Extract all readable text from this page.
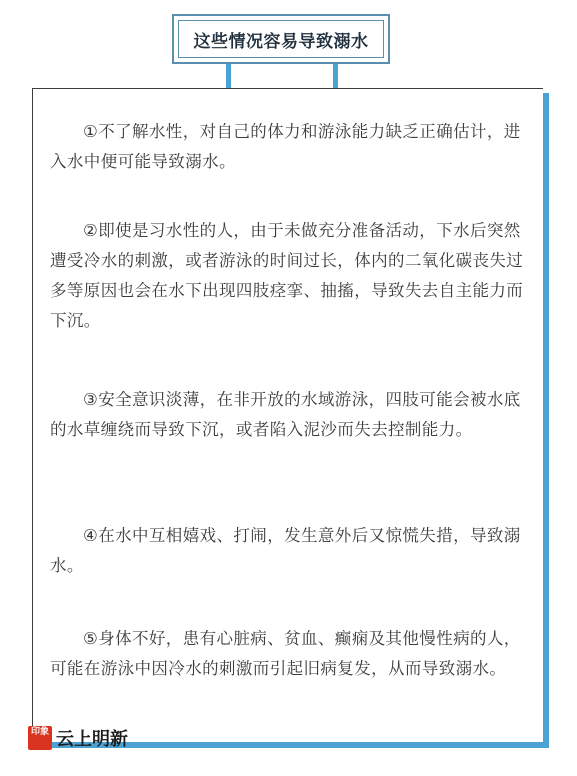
这些情况容易导致溺水

①不了解水性，对自己的体力和游泳能力缺乏正确估计，进入水中便可能导致溺水。

②即使是习水性的人，由于未做充分准备活动，下水后突然遭受冷水的刺激，或者游泳的时间过长，体内的二氧化碳丧失过多等原因也会在水下出现四肢痉挛、抽搐，导致失去自主能力而下沉。

③安全意识淡薄，在非开放的水域游泳，四肢可能会被水底的水草缠绕而导致下沉，或者陷入泥沙而失去控制能力。

④在水中互相嬉戏、打闹，发生意外后又惊慌失措，导致溺水。

⑤身体不好，患有心脏病、贫血、癫痫及其他慢性病的人，可能在游泳中因冷水的刺激而引起旧病复发，从而导致溺水。

印象 云上明新
